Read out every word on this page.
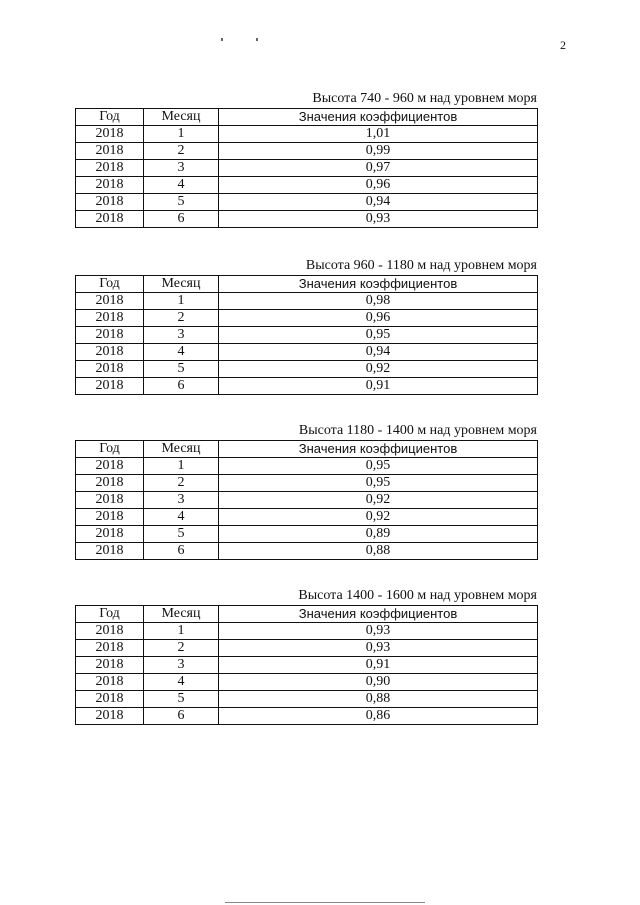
2
Высота 740 - 960 м над уровнем моря
Год	Месяц	Значения коэффициентов
2018	1	1,01
2018	2	0,99
2018	3	0,97
2018	4	0,96
2018	5	0,94
2018	6	0,93
Высота 960 - 1180 м над уровнем моря
Год	Месяц	Значения коэффициентов
2018	1	0,98
2018	2	0,96
2018	3	0,95
2018	4	0,94
2018	5	0,92
2018	6	0,91
Высота 1180 - 1400 м над уровнем моря
Год	Месяц	Значения коэффициентов
2018	1	0,95
2018	2	0,95
2018	3	0,92
2018	4	0,92
2018	5	0,89
2018	6	0,88
Высота 1400 - 1600 м над уровнем моря
Год	Месяц	Значения коэффициентов
2018	1	0,93
2018	2	0,93
2018	3	0,91
2018	4	0,90
2018	5	0,88
2018	6	0,86
